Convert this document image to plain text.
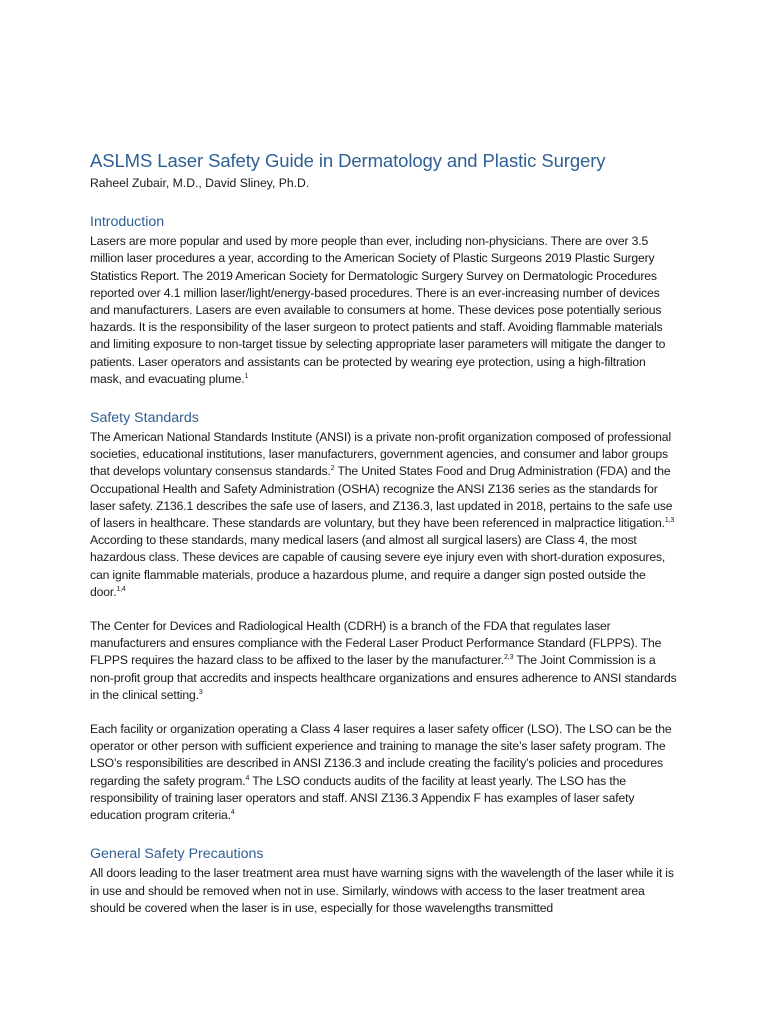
ASLMS Laser Safety Guide in Dermatology and Plastic Surgery
Raheel Zubair, M.D., David Sliney, Ph.D.
Introduction

Lasers are more popular and used by more people than ever, including non-physicians. There are over 3.5 million laser procedures a year, according to the American Society of Plastic Surgeons 2019 Plastic Surgery Statistics Report. The 2019 American Society for Dermatologic Surgery Survey on Dermatologic Procedures reported over 4.1 million laser/light/energy-based procedures. There is an ever-increasing number of devices and manufacturers. Lasers are even available to consumers at home. These devices pose potentially serious hazards. It is the responsibility of the laser surgeon to protect patients and staff. Avoiding flammable materials and limiting exposure to non-target tissue by selecting appropriate laser parameters will mitigate the danger to patients. Laser operators and assistants can be protected by wearing eye protection, using a high-filtration mask, and evacuating plume.$^1$

Safety Standards

The American National Standards Institute (ANSI) is a private non-profit organization composed of professional societies, educational institutions, laser manufacturers, government agencies, and consumer and labor groups that develops voluntary consensus standards.$^2$ The United States Food and Drug Administration (FDA) and the Occupational Health and Safety Administration (OSHA) recognize the ANSI Z136 series as the standards for laser safety. Z136.1 describes the safe use of lasers, and Z136.3, last updated in 2018, pertains to the safe use of lasers in healthcare. These standards are voluntary, but they have been referenced in malpractice litigation.$^{1,3}$ According to these standards, many medical lasers (and almost all surgical lasers) are Class 4, the most hazardous class. These devices are capable of causing severe eye injury even with short-duration exposures, can ignite flammable materials, produce a hazardous plume, and require a danger sign posted outside the door.$^{1,4}$

The Center for Devices and Radiological Health (CDRH) is a branch of the FDA that regulates laser manufacturers and ensures compliance with the Federal Laser Product Performance Standard (FLPPS). The FLPPS requires the hazard class to be affixed to the laser by the manufacturer.$^{2,3}$ The Joint Commission is a non-profit group that accredits and inspects healthcare organizations and ensures adherence to ANSI standards in the clinical setting.$^3$

Each facility or organization operating a Class 4 laser requires a laser safety officer (LSO). The LSO can be the operator or other person with sufficient experience and training to manage the site’s laser safety program. The LSO’s responsibilities are described in ANSI Z136.3 and include creating the facility’s policies and procedures regarding the safety program.$^4$ The LSO conducts audits of the facility at least yearly. The LSO has the responsibility of training laser operators and staff. ANSI Z136.3 Appendix F has examples of laser safety education program criteria.$^4$

General Safety Precautions

All doors leading to the laser treatment area must have warning signs with the wavelength of the laser while it is in use and should be removed when not in use. Similarly, windows with access to the laser treatment area should be covered when the laser is in use, especially for those wavelengths transmitted
